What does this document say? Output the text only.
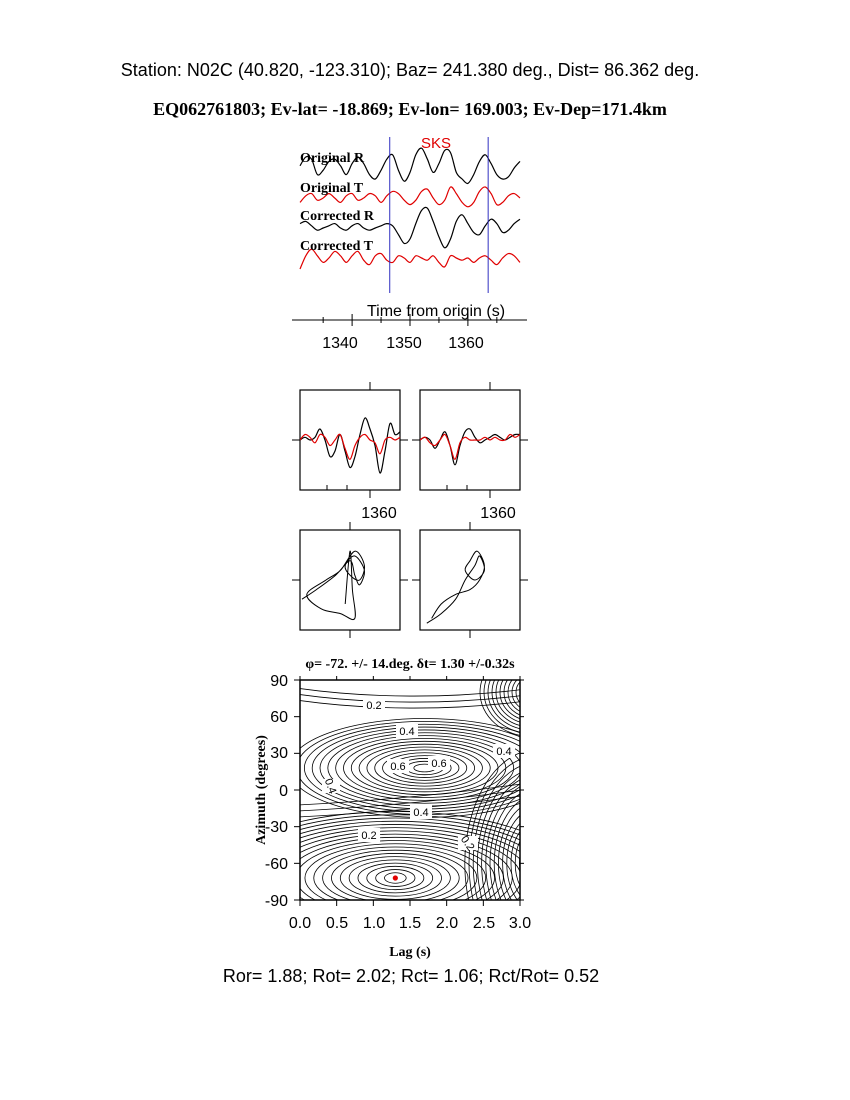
Station: N02C (40.820, -123.310); Baz= 241.380 deg., Dist= 86.362 deg.
EQ062761803; Ev-lat= -18.869; Ev-lon= 169.003; Ev-Dep=171.4km
SKS
Original R
Original T
Corrected R
Corrected T
Time from origin (s)
1340 1350 1360
1360	1360
φ= -72. +/- 14.deg. δt= 1.30 +/-0.32s
Azimuth (degrees)
Lag (s)
90
60
30
0
-30
-60
-90
0.0 0.5 1.0 1.5 2.0 2.5 3.0
0.2
0.4
0.4
0.6 0.6
0.4
0.4
0.2	0.2
Ror= 1.88; Rot= 2.02; Rct= 1.06; Rct/Rot= 0.52
